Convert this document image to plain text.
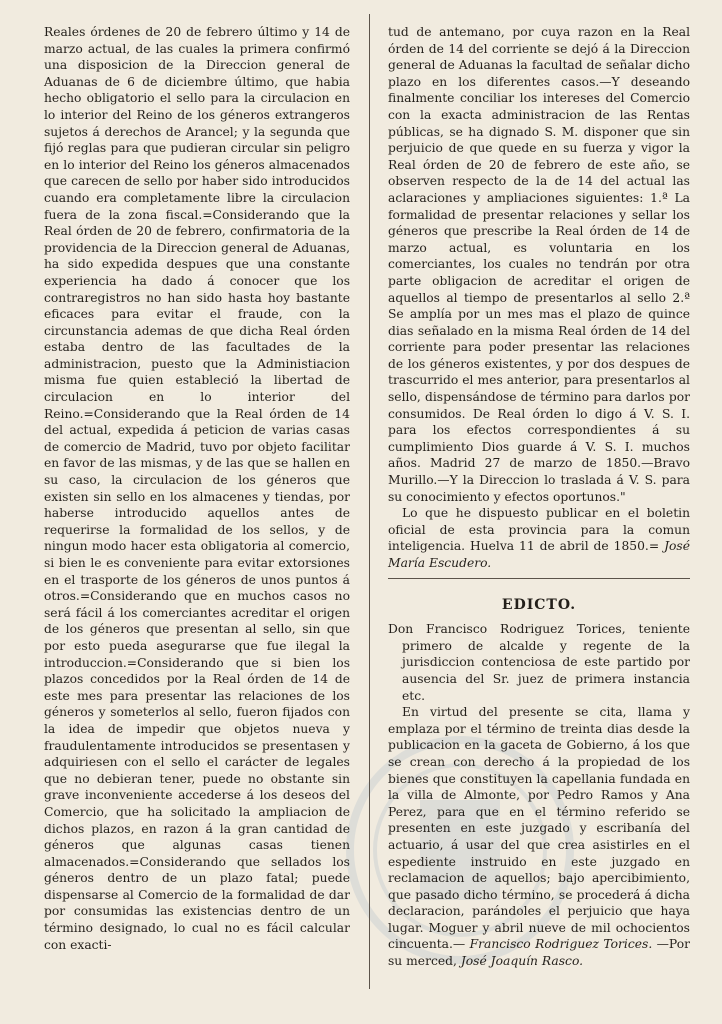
Reales órdenes de 20 de febrero último y 14 de marzo actual, de las cuales la primera confirmó una disposicion de la Direccion general de Aduanas de 6 de diciembre último, que habia hecho obligatorio el sello para la circulacion en lo interior del Reino de los géneros extrangeros sujetos á derechos de Arancel; y la segunda que fijó reglas para que pudieran circular sin peligro en lo interior del Reino los géneros almacenados que carecen de sello por haber sido introducidos cuando era completamente libre la circulacion fuera de la zona fiscal.=Considerando que la Real órden de 20 de febrero, confirmatoria de la providencia de la Direccion general de Aduanas, ha sido expedida despues que una constante experiencia ha dado á conocer que los contraregistros no han sido hasta hoy bastante eficaces para evitar el fraude, con la circunstancia ademas de que dicha Real órden estaba dentro de las facultades de la administracion, puesto que la Administiacion misma fue quien estableció la libertad de circulacion en lo interior del Reino.=Considerando que la Real órden de 14 del actual, expedida á peticion de varias casas de comercio de Madrid, tuvo por objeto facilitar en favor de las mismas, y de las que se hallen en su caso, la circulacion de los géneros que existen sin sello en los almacenes y tiendas, por haberse introducido aquellos antes de requerirse la formalidad de los sellos, y de ningun modo hacer esta obligatoria al comercio, si bien le es conveniente para evitar extorsiones en el trasporte de los géneros de unos puntos á otros.=Considerando que en muchos casos no será fácil á los comerciantes acreditar el origen de los géneros que presentan al sello, sin que por esto pueda asegurarse que fue ilegal la introduccion.=Considerando que si bien los plazos concedidos por la Real órden de 14 de este mes para presentar las relaciones de los géneros y someterlos al sello, fueron fijados con la idea de impedir que objetos nueva y fraudulentamente introducidos se presentasen y adquiriesen con el sello el carácter de legales que no debieran tener, puede no obstante sin grave inconveniente accederse á los deseos del Comercio, que ha solicitado la ampliacion de dichos plazos, en razon á la gran cantidad de géneros que algunas casas tienen almacenados.=Considerando que sellados los géneros dentro de un plazo fatal; puede dispensarse al Comercio de la formalidad de dar por consumidas las existencias dentro de un término designado, lo cual no es fácil calcular con exacti-

tud de antemano, por cuya razon en la Real órden de 14 del corriente se dejó á la Direccion general de Aduanas la facultad de señalar dicho plazo en los diferentes casos.—Y deseando finalmente conciliar los intereses del Comercio con la exacta administracion de las Rentas públicas, se ha dignado S. M. disponer que sin perjuicio de que quede en su fuerza y vigor la Real órden de 20 de febrero de este año, se observen respecto de la de 14 del actual las aclaraciones y ampliaciones siguientes: 1.ª La formalidad de presentar relaciones y sellar los géneros que prescribe la Real órden de 14 de marzo actual, es voluntaria en los comerciantes, los cuales no tendrán por otra parte obligacion de acreditar el origen de aquellos al tiempo de presentarlos al sello 2.ª Se amplía por un mes mas el plazo de quince dias señalado en la misma Real órden de 14 del corriente para poder presentar las relaciones de los géneros existentes, y por dos despues de trascurrido el mes anterior, para presentarlos al sello, dispensándose de término para darlos por consumidos. De Real órden lo digo á V. S. I. para los efectos correspondientes á su cumplimiento Dios guarde á V. S. I. muchos años. Madrid 27 de marzo de 1850.—Bravo Murillo.—Y la Direccion lo traslada á V. S. para su conocimiento y efectos oportunos."

Lo que he dispuesto publicar en el boletin oficial de esta provincia para la comun inteligencia. Huelva 11 de abril de 1850.= José María Escudero.

EDICTO.

Don Francisco Rodriguez Torices, teniente primero de alcalde y regente de la jurisdiccion contenciosa de este partido por ausencia del Sr. juez de primera instancia etc.

En virtud del presente se cita, llama y emplaza por el término de treinta dias desde la publicacion en la gaceta de Gobierno, á los que se crean con derecho á la propiedad de los bienes que constituyen la capellania fundada en la villa de Almonte, por Pedro Ramos y Ana Perez, para que en el término referido se presenten en este juzgado y escribanía del actuario, á usar del que crea asistirles en el espediente instruido en este juzgado en reclamacion de aquellos; bajo apercibimiento, que pasado dicho término, se procederá á dicha declaracion, parándoles el perjuicio que haya lugar. Moguer y abril nueve de mil ochocientos cincuenta.— Francisco Rodriguez Torices. —Por su merced, José Joaquín Rasco.
